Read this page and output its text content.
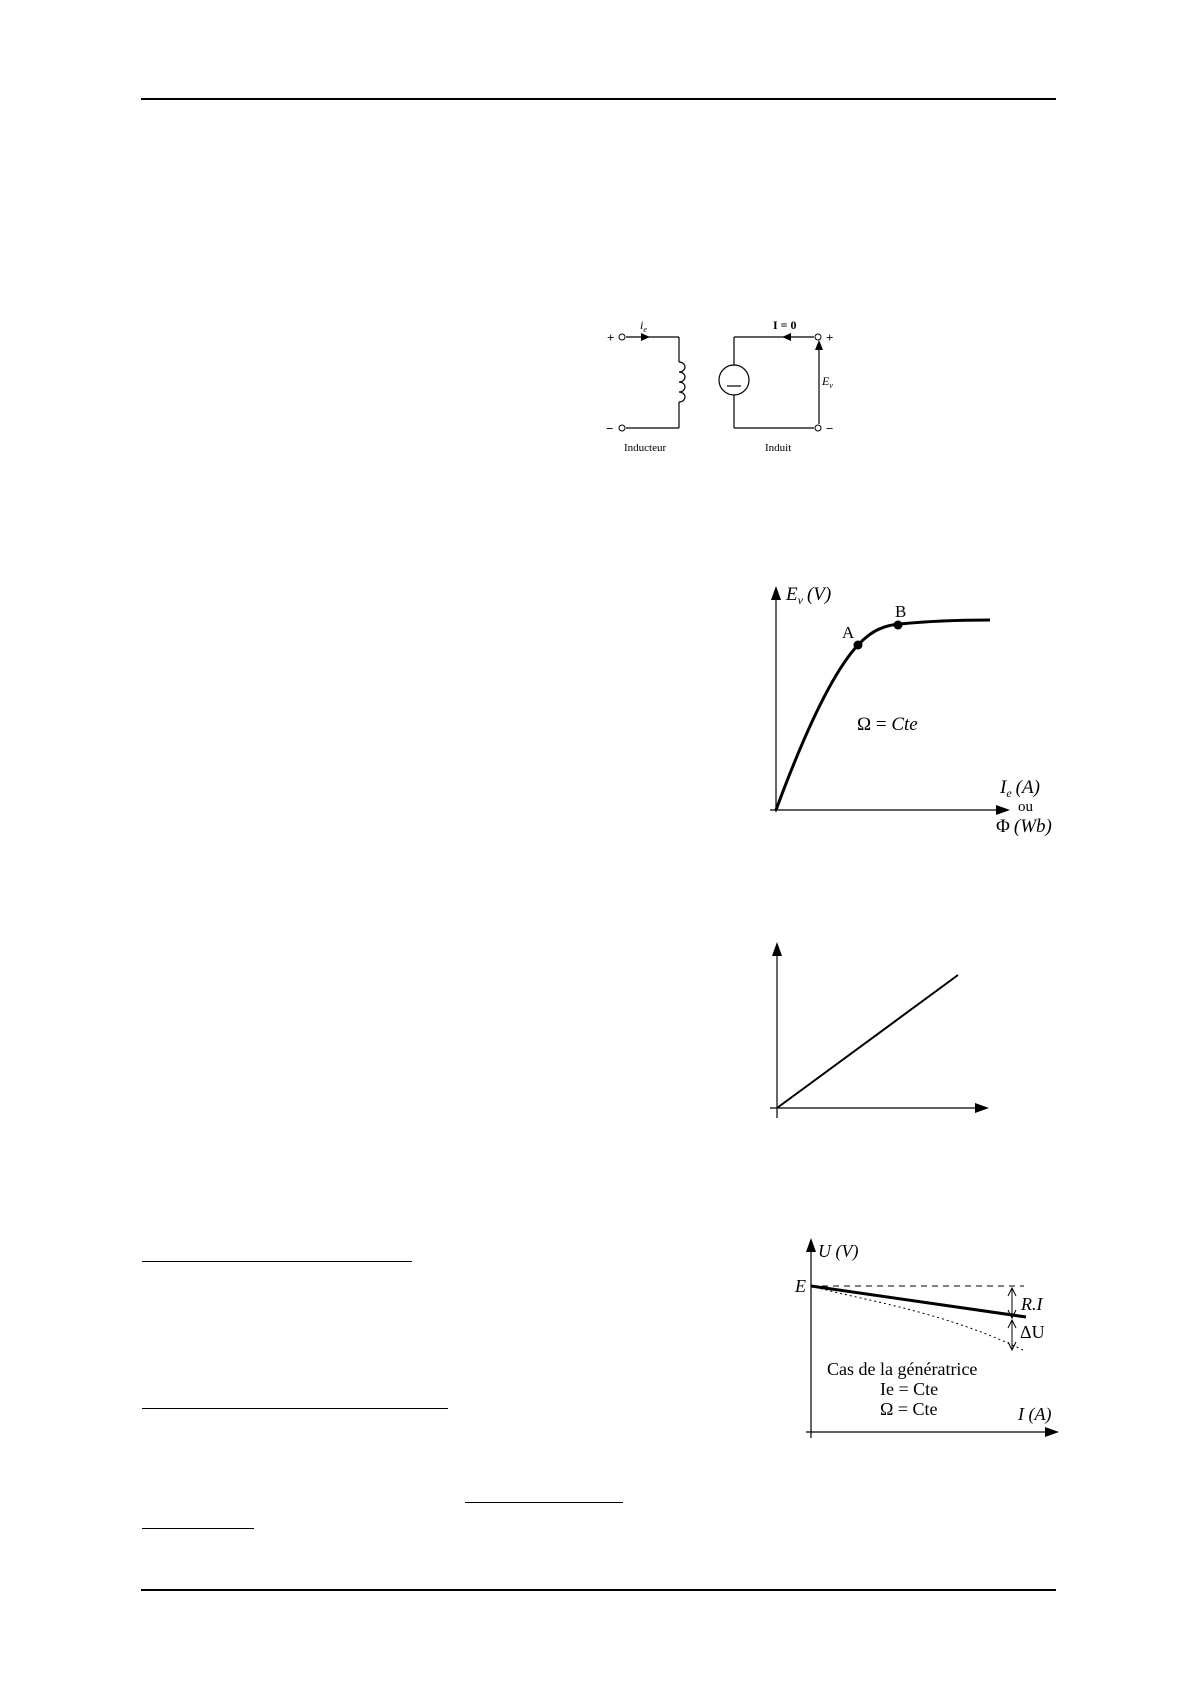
+
−
+
−
$i_e$	I = 0
$E_v$
Inducteur	Induit
A
B
$E_v$ (V)
Ω = Cte
$I_e$ (A)
ou
Φ (Wb)
U (V)
E
R.I
ΔU
Cas de la génératrice
Ie = Cte
Ω = Cte	I (A)
